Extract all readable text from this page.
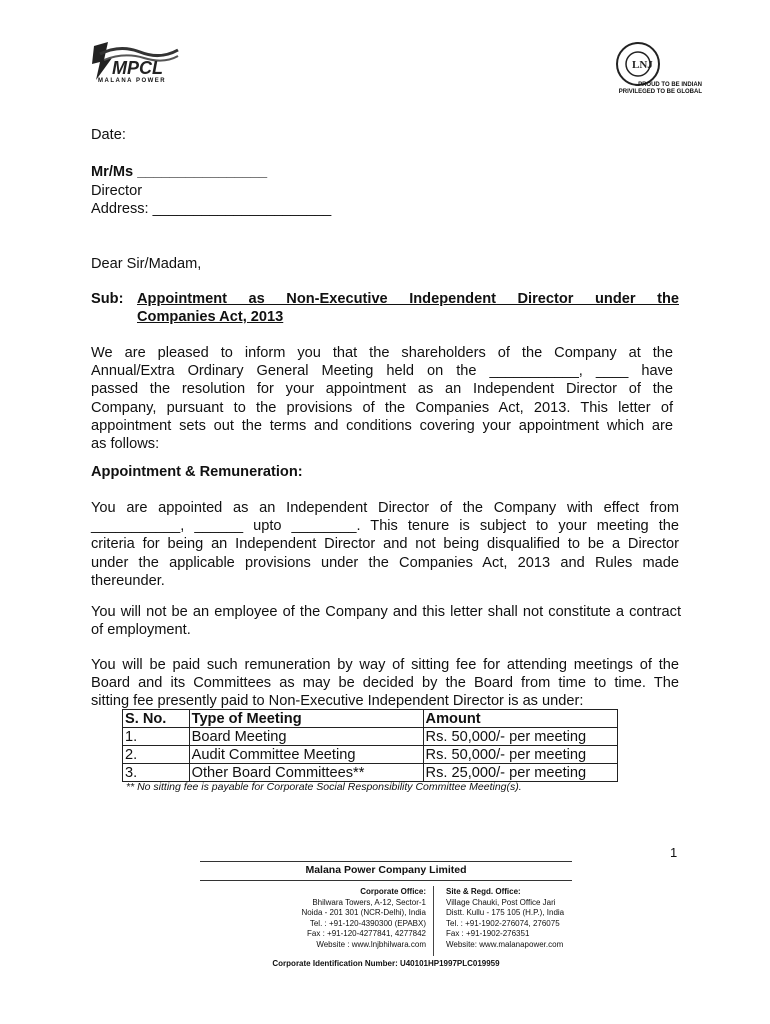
MPCL
MALANA POWER
LNJ
PROUD TO BE INDIAN
PRIVILEGED TO BE GLOBAL
Date:
Mr/Ms ________________
Director
Address: ______________________
Dear Sir/Madam,
Sub: Appointment as Non-Executive Independent Director under the
Companies Act, 2013
We are pleased to inform you that the shareholders of the Company at the
Annual/Extra Ordinary General Meeting held on the ___________, ____ have
passed the resolution for your appointment as an Independent Director of the
Company, pursuant to the provisions of the Companies Act, 2013. This letter of
appointment sets out the terms and conditions covering your appointment which are
as follows:
Appointment & Remuneration:
You are appointed as an Independent Director of the Company with effect from
___________, ______ upto ________. This tenure is subject to your meeting the
criteria for being an Independent Director and not being disqualified to be a Director
under the applicable provisions under the Companies Act, 2013 and Rules made
thereunder.
You will not be an employee of the Company and this letter shall not constitute a contract
of employment.
You will be paid such remuneration by way of sitting fee for attending meetings of the
Board and its Committees as may be decided by the Board from time to time. The
sitting fee presently paid to Non-Executive Independent Director is as under:
S. No.	Type of Meeting	Amount
1.	Board Meeting	Rs. 50,000/- per meeting
2.	Audit Committee Meeting	Rs. 50,000/- per meeting
3.	Other Board Committees**	Rs. 25,000/- per meeting
** No sitting fee is payable for Corporate Social Responsibility Committee Meeting(s).
1
Malana Power Company Limited
Corporate Office:
Bhilwara Towers, A-12, Sector-1
Noida - 201 301 (NCR-Delhi), India
Tel. : +91-120-4390300 (EPABX)
Fax : +91-120-4277841, 4277842
Website : www.lnjbhilwara.com
Site & Regd. Office:
Village Chauki, Post Office Jari
Distt. Kullu - 175 105 (H.P.), India
Tel. : +91-1902-276074, 276075
Fax : +91-1902-276351
Website: www.malanapower.com
Corporate Identification Number: U40101HP1997PLC019959
